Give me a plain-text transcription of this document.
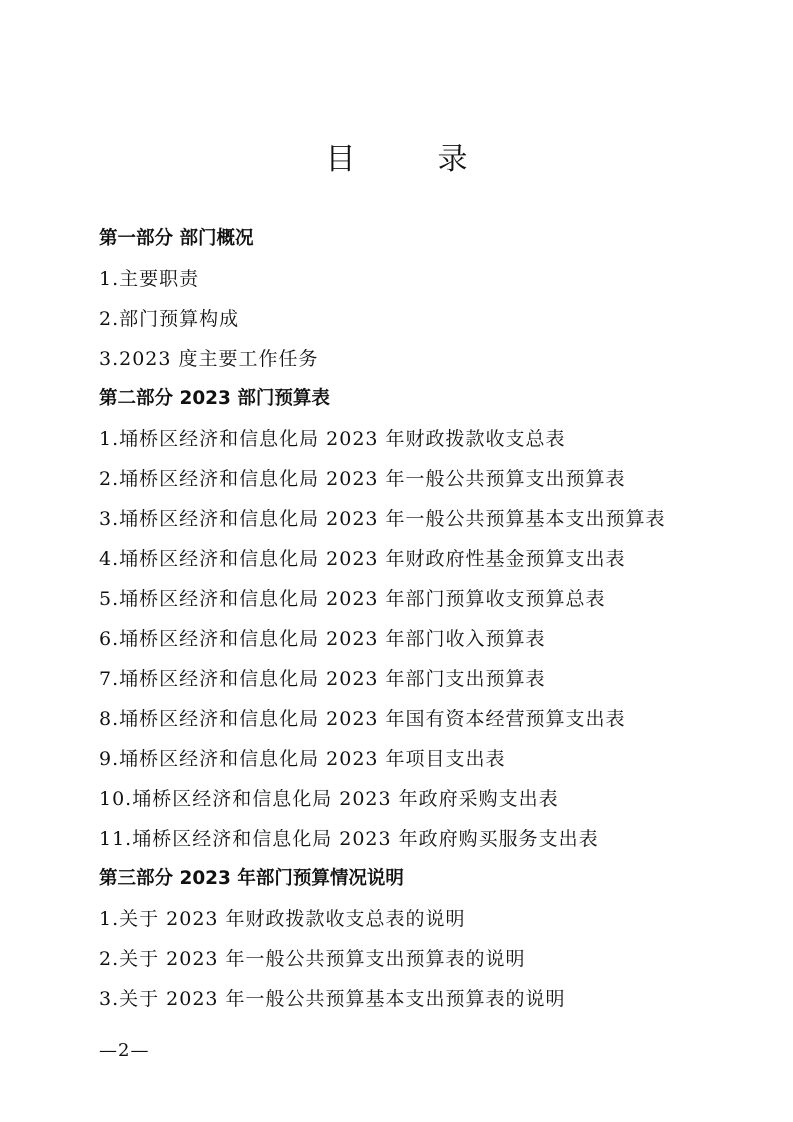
目　录
第一部分 部门概况
1.主要职责
2.部门预算构成
3.2023 度主要工作任务
第二部分 2023 部门预算表
1.埇桥区经济和信息化局 2023 年财政拨款收支总表
2.埇桥区经济和信息化局 2023 年一般公共预算支出预算表
3.埇桥区经济和信息化局 2023 年一般公共预算基本支出预算表
4.埇桥区经济和信息化局 2023 年财政府性基金预算支出表
5.埇桥区经济和信息化局 2023 年部门预算收支预算总表
6.埇桥区经济和信息化局 2023 年部门收入预算表
7.埇桥区经济和信息化局 2023 年部门支出预算表
8.埇桥区经济和信息化局 2023 年国有资本经营预算支出表
9.埇桥区经济和信息化局 2023 年项目支出表
10.埇桥区经济和信息化局 2023 年政府采购支出表
11.埇桥区经济和信息化局 2023 年政府购买服务支出表
第三部分 2023 年部门预算情况说明
1.关于 2023 年财政拨款收支总表的说明
2.关于 2023 年一般公共预算支出预算表的说明
3.关于 2023 年一般公共预算基本支出预算表的说明
—2—
